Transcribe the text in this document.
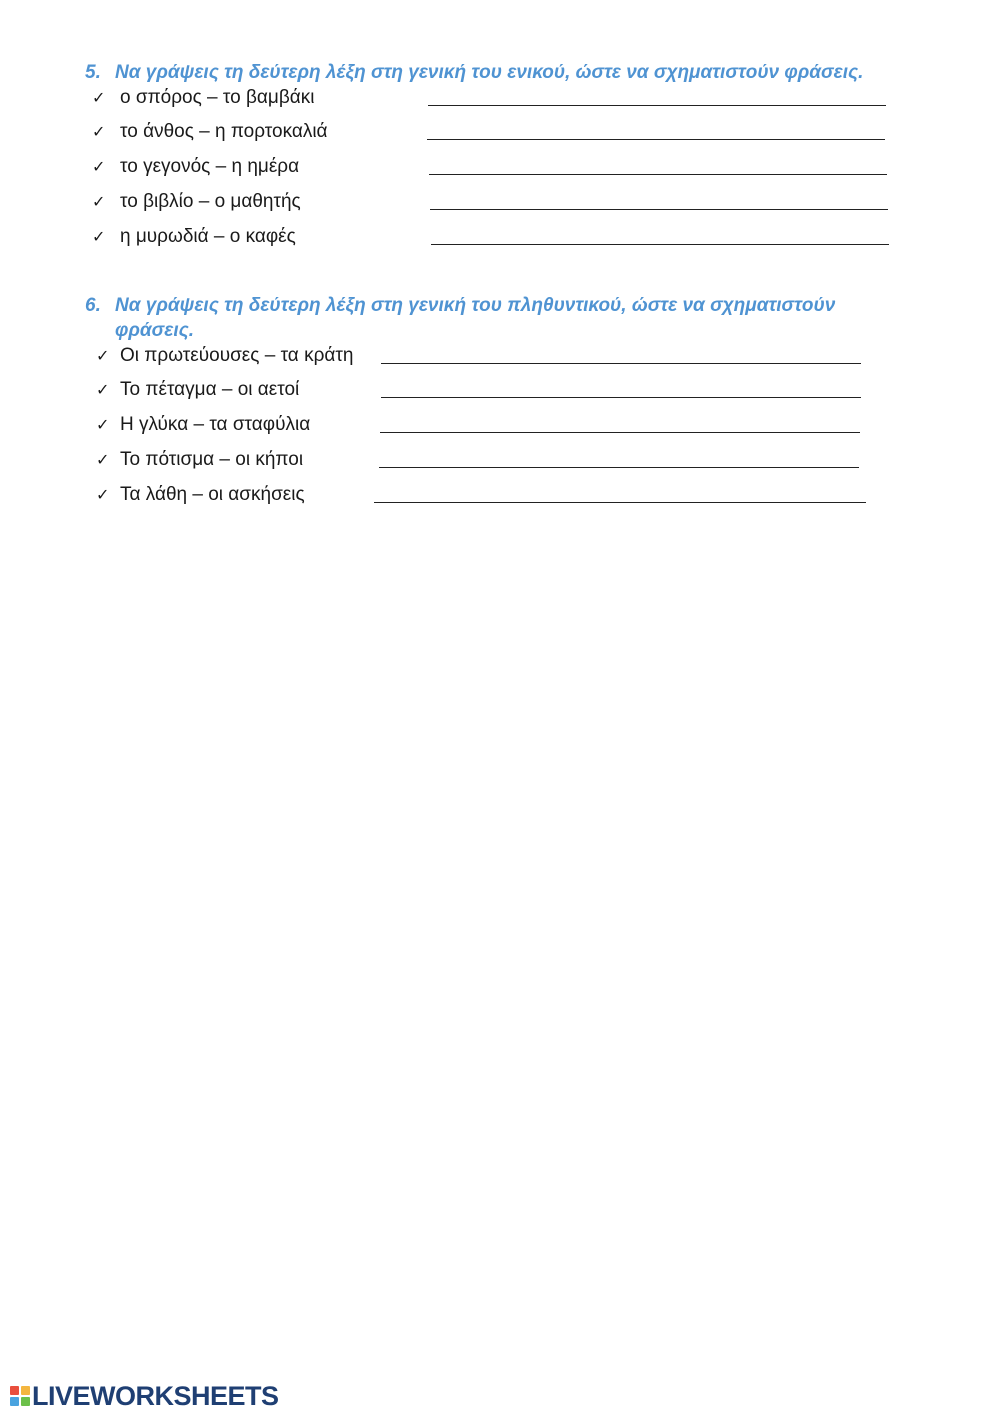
5. Να γράψεις τη δεύτερη λέξη στη γενική του ενικού, ώστε να σχηματιστούν φράσεις.
✓ ο σπόρος – το βαμβάκι
✓ το άνθος – η πορτοκαλιά
✓ το γεγονός – η ημέρα
✓ το βιβλίο – ο μαθητής
✓ η μυρωδιά – ο καφές
6. Να γράψεις τη δεύτερη λέξη στη γενική του πληθυντικού, ώστε να σχηματιστούν
φράσεις.
✓ Οι πρωτεύουσες – τα κράτη
✓ Το πέταγμα – οι αετοί
✓ Η γλύκα – τα σταφύλια
✓ Το πότισμα – οι κήποι
✓ Τα λάθη – οι ασκήσεις
LIVEWORKSHEETS
